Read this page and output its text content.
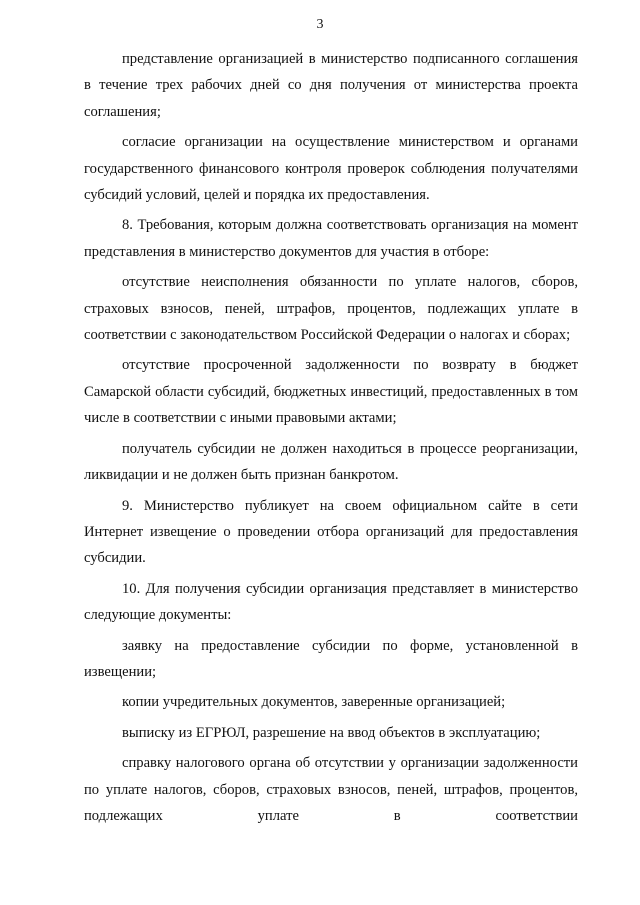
3

представление организацией в министерство подписанного соглашения в течение трех рабочих дней со дня получения от министерства проекта соглашения;

согласие организации на осуществление министерством и органами государственного финансового контроля проверок соблюдения получателями субсидий условий, целей и порядка их предоставления.

8. Требования, которым должна соответствовать организация на момент представления в министерство документов для участия в отборе:

отсутствие неисполнения обязанности по уплате налогов, сборов, страховых взносов, пеней, штрафов, процентов, подлежащих уплате в соответствии с законодательством Российской Федерации о налогах и сборах;

отсутствие просроченной задолженности по возврату в бюджет Самарской области субсидий, бюджетных инвестиций, предоставленных в том числе в соответствии с иными правовыми актами;

получатель субсидии не должен находиться в процессе реорганизации, ликвидации и не должен быть признан банкротом.

9. Министерство публикует на своем официальном сайте в сети Интернет извещение о проведении отбора организаций для предоставления субсидии.

10. Для получения субсидии организация представляет в министерство следующие документы:

заявку на предоставление субсидии по форме, установленной в извещении;

копии учредительных документов, заверенные организацией;

выписку из ЕГРЮЛ, разрешение на ввод объектов в эксплуатацию;

справку налогового органа об отсутствии у организации задолженности по уплате налогов, сборов, страховых взносов, пеней, штрафов, процентов, подлежащих уплате в соответствии
